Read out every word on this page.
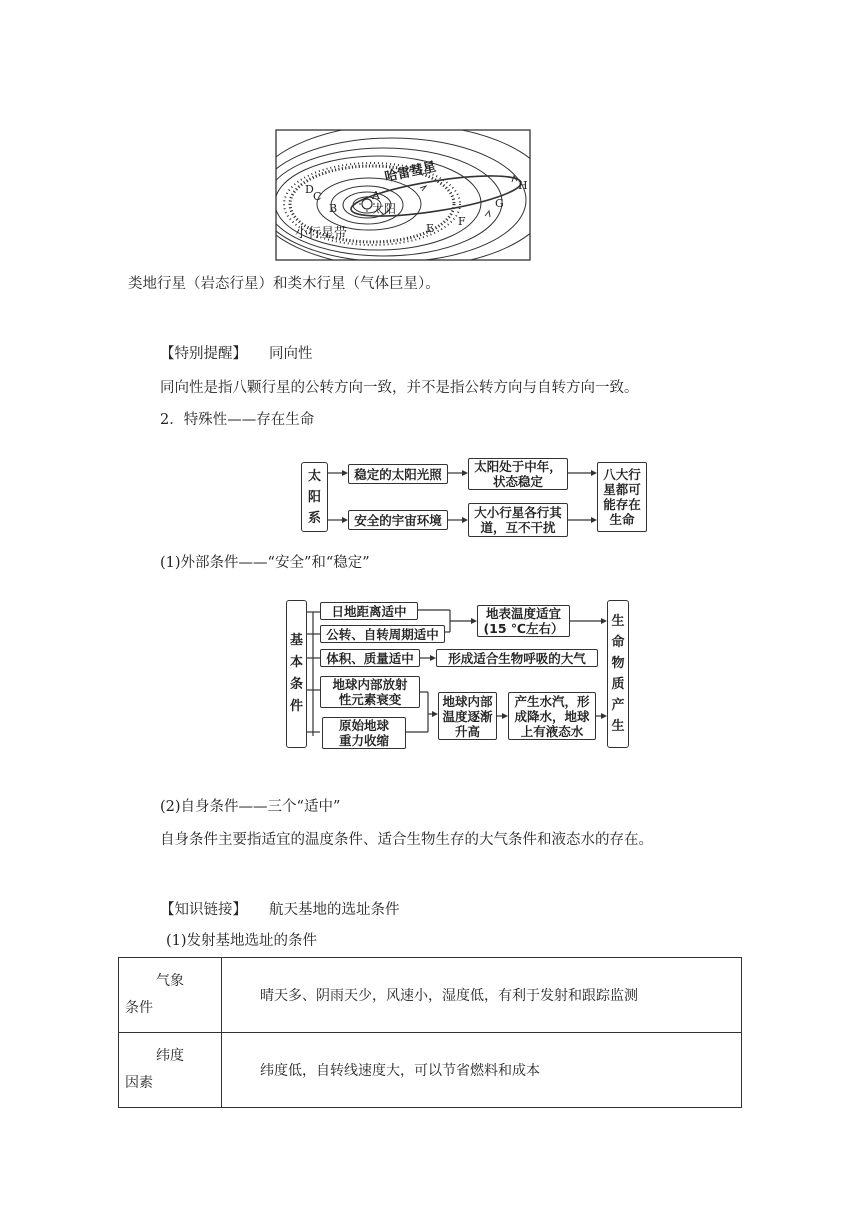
哈雷彗星
太阳
小行星带
A
B
C
D
E
F
G
H
类地行星（岩态行星）和类木行星（气体巨星）。
【特别提醒】 同向性
同向性是指八颗行星的公转方向一致，并不是指公转方向与自转方向一致。
2．特殊性——存在生命
太阳系
稳定的太阳光照	太阳处于中年，
状态稳定
安全的宇宙环境	大小行星各行其
道，互不干扰
八大行
星都可
能存在
生命
(1)外部条件——“安全”和“稳定”
基本条件
日地距离适中
公转、自转周期适中
地表温度适宜
(15 ℃左右）
体积、质量适中	形成适合生物呼吸的大气
地球内部放射
性元素衰变
原始地球
重力收缩
地球内部
温度逐渐
升高
产生水汽，形
成降水，地球
上有液态水
生命物质产生
(2)自身条件——三个“适中”
自身条件主要指适宜的温度条件、适合生物生存的大气条件和液态水的存在。
【知识链接】 航天基地的选址条件
(1)发射基地选址的条件
气象
条件	晴天多、阴雨天少，风速小，湿度低，有利于发射和跟踪监测

纬度
因素	纬度低，自转线速度大，可以节省燃料和成本
